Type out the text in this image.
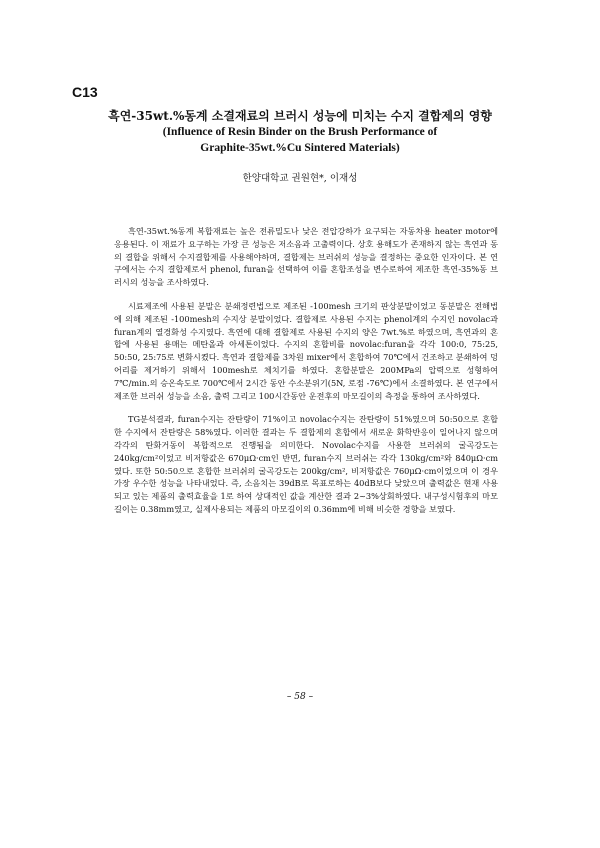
C13
흑연-35wt.%동계 소결재료의 브러시 성능에 미치는 수지 결합제의 영향
(Influence of Resin Binder on the Brush Performance of
Graphite-35wt.%Cu Sintered Materials)
한양대학교 권원현*, 이재성

흑연-35wt.%동계 복합재료는 높은 전류밀도나 낮은 전압강하가 요구되는 자동차용 heater motor에 응용된다. 이 재료가 요구하는 가장 큰 성능은 저소음과 고출력이다. 상호 용해도가 존재하지 않는 흑연과 동의 결합을 위해서 수지결합제를 사용해야하며, 결합제는 브러쉬의 성능을 결정하는 중요한 인자이다. 본 연구에서는 수지 결합제로서 phenol, furan을 선택하여 이를 혼합조성을 변수로하여 제조한 흑연-35%동 브러시의 성능을 조사하였다.

시료제조에 사용된 분말은 분쇄정련법으로 제조된 -100mesh 크기의 판상분말이었고 동분말은 전해법에 의해 제조된 -100mesh의 수지상 분말이었다. 결합제로 사용된 수지는 phenol계의 수지인 novolac과 furan계의 열경화성 수지였다. 흑연에 대해 결합제로 사용된 수지의 양은 7wt.%로 하였으며, 흑연과의 혼합에 사용된 용매는 메탄올과 아세톤이었다. 수지의 혼합비를 novolac:furan을 각각 100:0, 75:25, 50:50, 25:75로 변화시켰다. 흑연과 결합제를 3차원 mixer에서 혼합하여 70℃에서 건조하고 분쇄하여 덩어리를 제거하기 위해서 100mesh로 체치기를 하였다. 혼합분말은 200MPa의 압력으로 성형하여 7℃/min.의 승온속도로 700℃에서 2시간 동안 수소분위기(5N, 로점 -76℃)에서 소결하였다. 본 연구에서 제조한 브러쉬 성능을 소음, 출력 그리고 100시간동안 운전후의 마모길이의 측정을 통하여 조사하였다.

TG분석결과, furan수지는 잔탄량이 71%이고 novolac수지는 잔탄량이 51%였으며 50:50으로 혼합한 수지에서 잔탄량은 58%였다. 이러한 결과는 두 결합제의 혼합에서 새로운 화학반응이 일어나지 않으며 각각의 탄화거동이 복합적으로 진행됨을 의미한다. Novolac수지를 사용한 브러쉬의 굴곡강도는 240kg/cm²이었고 비저항값은 670μΩ·cm인 반면, furan수지 브러쉬는 각각 130kg/cm²와 840μΩ·cm였다. 또한 50:50으로 혼합한 브러쉬의 굴곡강도는 200kg/cm², 비저항값은 760μΩ·cm이었으며 이 경우 가장 우수한 성능을 나타내었다. 즉, 소음치는 39dB로 목표로하는 40dB보다 낮았으며 출력값은 현재 사용되고 있는 제품의 출력효율을 1로 하여 상대적인 값을 계산한 결과 2~3%상회하였다. 내구성시험후의 마모길이는 0.38mm였고, 실제사용되는 제품의 마모길이의 0.36mm에 비해 비슷한 경향을 보였다.

– 58 –
